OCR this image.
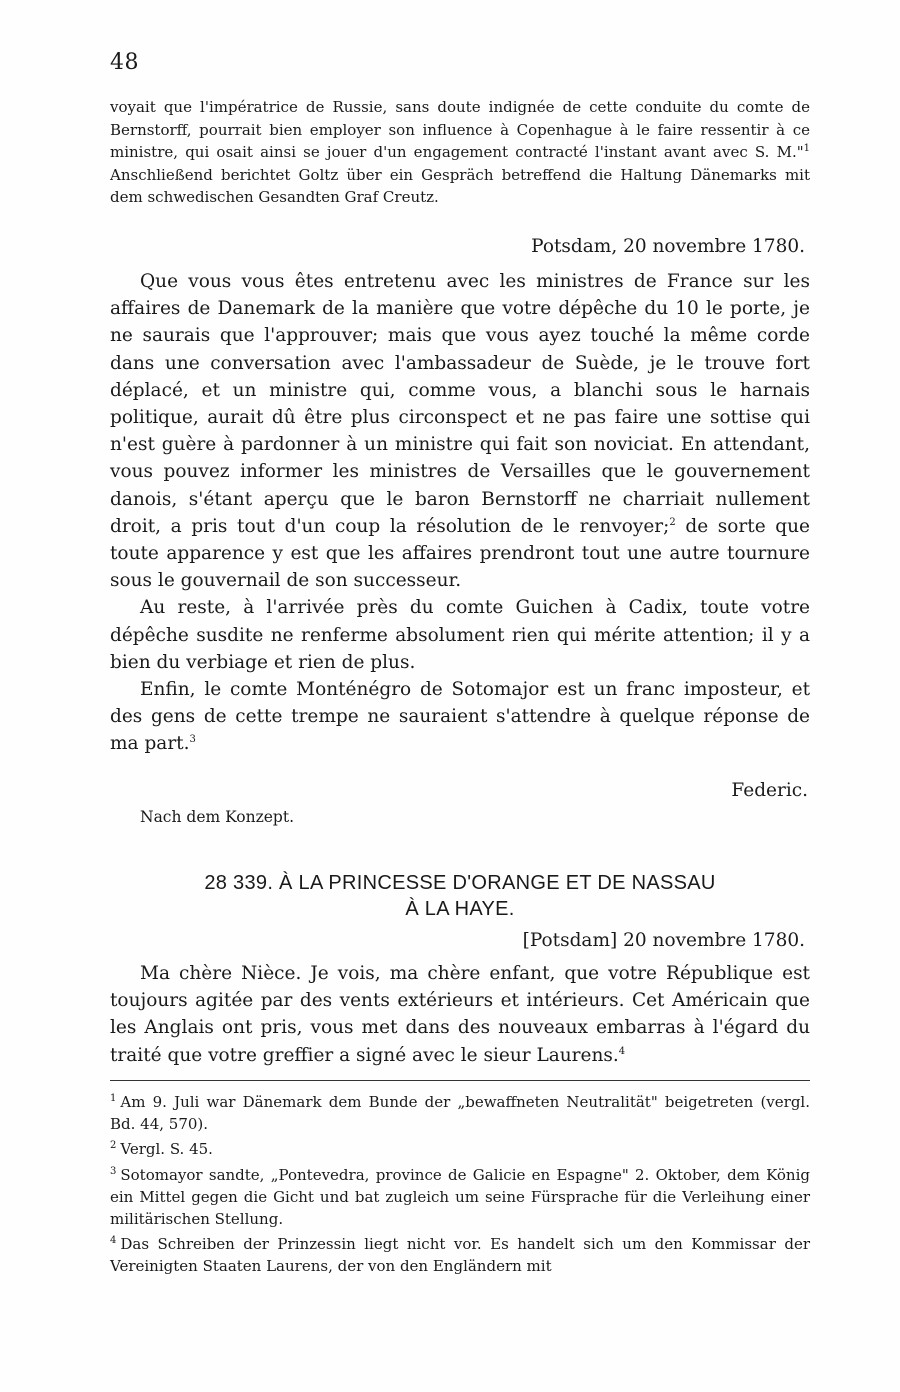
48
voyait que l'impératrice de Russie, sans doute indignée de cette conduite du comte de Bernstorff, pourrait bien employer son influence à Copenhague à le faire ressentir à ce ministre, qui osait ainsi se jouer d'un engagement contracté l'instant avant avec S. M."$^1$ Anschließend berichtet Goltz über ein Gespräch betreffend die Haltung Dänemarks mit dem schwedischen Gesandten Graf Creutz.
Potsdam, 20 novembre 1780.

Que vous vous êtes entretenu avec les ministres de France sur les affaires de Danemark de la manière que votre dépêche du 10 le porte, je ne saurais que l'approuver; mais que vous ayez touché la même corde dans une conversation avec l'ambassadeur de Suède, je le trouve fort déplacé, et un ministre qui, comme vous, a blanchi sous le harnais politique, aurait dû être plus circonspect et ne pas faire une sottise qui n'est guère à pardonner à un ministre qui fait son noviciat. En attendant, vous pouvez informer les ministres de Versailles que le gouvernement danois, s'étant aperçu que le baron Bernstorff ne charriait nullement droit, a pris tout d'un coup la résolution de le renvoyer;$^2$ de sorte que toute apparence y est que les affaires prendront tout une autre tournure sous le gouvernail de son successeur.

Au reste, à l'arrivée près du comte Guichen à Cadix, toute votre dépêche susdite ne renferme absolument rien qui mérite attention; il y a bien du verbiage et rien de plus.

Enfin, le comte Monténégro de Sotomajor est un franc imposteur, et des gens de cette trempe ne sauraient s'attendre à quelque réponse de ma part.$^3$

Federic.
Nach dem Konzept.
28 339. À LA PRINCESSE D'ORANGE ET DE NASSAU
À LA HAYE.
[Potsdam] 20 novembre 1780.

Ma chère Nièce. Je vois, ma chère enfant, que votre République est toujours agitée par des vents extérieurs et intérieurs. Cet Américain que les Anglais ont pris, vous met dans des nouveaux embarras à l'égard du traité que votre greffier a signé avec le sieur Laurens.$^4$

$^1$ Am 9. Juli war Dänemark dem Bunde der „bewaffneten Neutralität" beigetreten (vergl. Bd. 44, 570).

$^2$ Vergl. S. 45.

$^3$ Sotomayor sandte, „Pontevedra, province de Galicie en Espagne" 2. Oktober, dem König ein Mittel gegen die Gicht und bat zugleich um seine Fürsprache für die Verleihung einer militärischen Stellung.

$^4$ Das Schreiben der Prinzessin liegt nicht vor. Es handelt sich um den Kommissar der Vereinigten Staaten Laurens, der von den Engländern mit
